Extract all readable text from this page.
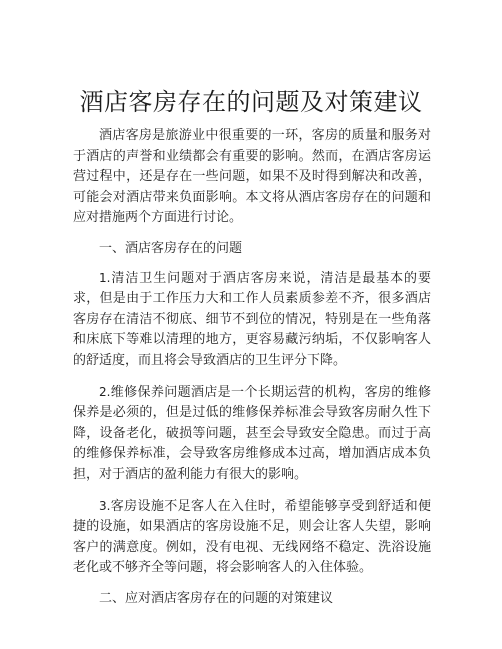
酒店客房存在的问题及对策建议

酒店客房是旅游业中很重要的一环，客房的质量和服务对于酒店的声誉和业绩都会有重要的影响。然而，在酒店客房运营过程中，还是存在一些问题，如果不及时得到解决和改善，可能会对酒店带来负面影响。本文将从酒店客房存在的问题和应对措施两个方面进行讨论。

一、酒店客房存在的问题

1.清洁卫生问题对于酒店客房来说，清洁是最基本的要求，但是由于工作压力大和工作人员素质参差不齐，很多酒店客房存在清洁不彻底、细节不到位的情况，特别是在一些角落和床底下等难以清理的地方，更容易藏污纳垢，不仅影响客人的舒适度，而且将会导致酒店的卫生评分下降。

2.维修保养问题酒店是一个长期运营的机构，客房的维修保养是必须的，但是过低的维修保养标准会导致客房耐久性下降，设备老化，破损等问题，甚至会导致安全隐患。而过于高的维修保养标准，会导致客房维修成本过高，增加酒店成本负担，对于酒店的盈利能力有很大的影响。

3.客房设施不足客人在入住时，希望能够享受到舒适和便捷的设施，如果酒店的客房设施不足，则会让客人失望，影响客户的满意度。例如，没有电视、无线网络不稳定、洗浴设施老化或不够齐全等问题，将会影响客人的入住体验。

二、应对酒店客房存在的问题的对策建议
